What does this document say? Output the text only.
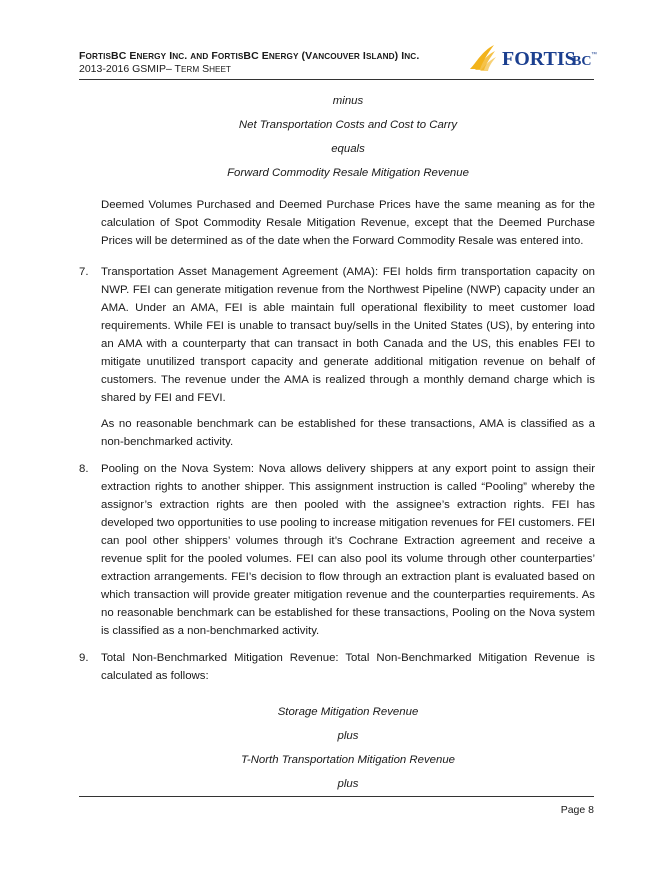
FORTISBC ENERGY INC. AND FORTISBC ENERGY (VANCOUVER ISLAND) INC.
2013-2016 GSMIP– TERM SHEET	FORTIS
BC ™

minus

Net Transportation Costs and Cost to Carry

equals

Forward Commodity Resale Mitigation Revenue

Deemed Volumes Purchased and Deemed Purchase Prices have the same meaning as for the calculation of Spot Commodity Resale Mitigation Revenue, except that the Deemed Purchase Prices will be determined as of the date when the Forward Commodity Resale was entered into.

7. Transportation Asset Management Agreement (AMA): FEI holds firm transportation capacity on NWP. FEI can generate mitigation revenue from the Northwest Pipeline (NWP) capacity under an AMA. Under an AMA, FEI is able maintain full operational flexibility to meet customer load requirements. While FEI is unable to transact buy/sells in the United States (US), by entering into an AMA with a counterparty that can transact in both Canada and the US, this enables FEI to mitigate unutilized transport capacity and generate additional mitigation revenue on behalf of customers. The revenue under the AMA is realized through a monthly demand charge which is shared by FEI and FEVI.

As no reasonable benchmark can be established for these transactions, AMA is classified as a non-benchmarked activity.

8. Pooling on the Nova System: Nova allows delivery shippers at any export point to assign their extraction rights to another shipper. This assignment instruction is called “Pooling” whereby the assignor’s extraction rights are then pooled with the assignee’s extraction rights. FEI has developed two opportunities to use pooling to increase mitigation revenues for FEI customers. FEI can pool other shippers’ volumes through it’s Cochrane Extraction agreement and receive a revenue split for the pooled volumes. FEI can also pool its volume through other counterparties’ extraction arrangements. FEI’s decision to flow through an extraction plant is evaluated based on which transaction will provide greater mitigation revenue and the counterparties requirements. As no reasonable benchmark can be established for these transactions, Pooling on the Nova system is classified as a non-benchmarked activity.

9. Total Non-Benchmarked Mitigation Revenue: Total Non-Benchmarked Mitigation Revenue is calculated as follows:

Storage Mitigation Revenue

plus

T-North Transportation Mitigation Revenue

plus

Page 8
